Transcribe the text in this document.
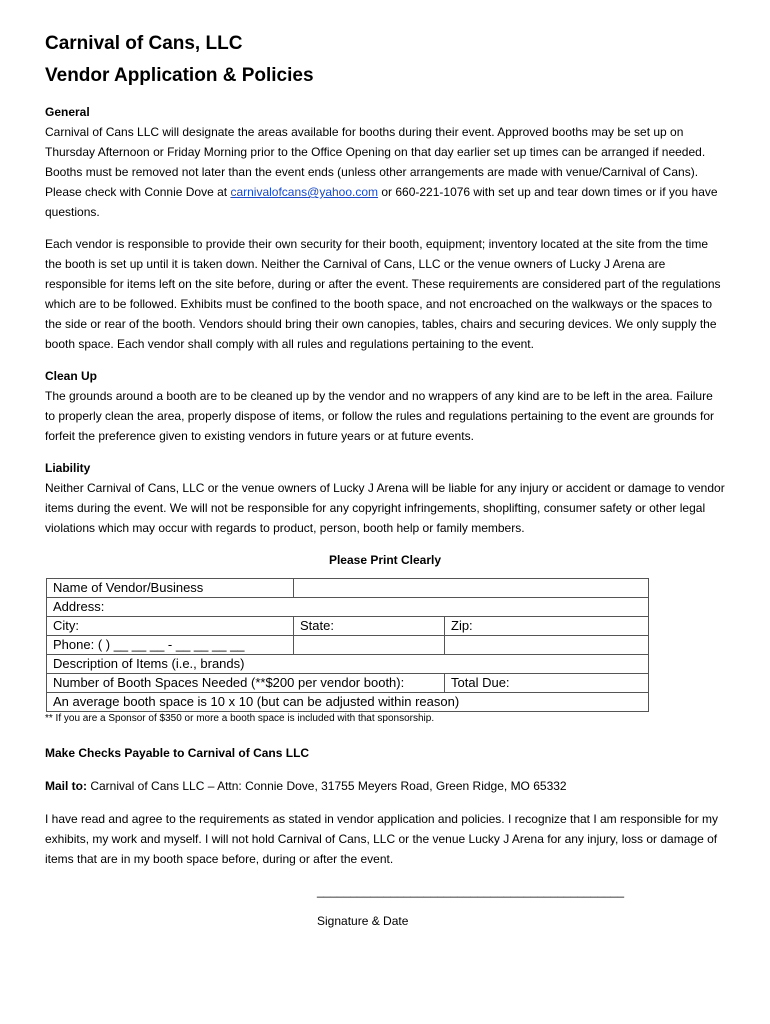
Carnival of Cans, LLC

Vendor Application & Policies

General

Carnival of Cans LLC will designate the areas available for booths during their event. Approved booths may be set up on Thursday Afternoon or Friday Morning prior to the Office Opening on that day earlier set up times can be arranged if needed. Booths must be removed not later than the event ends (unless other arrangements are made with venue/Carnival of Cans). Please check with Connie Dove at carnivalofcans@yahoo.com or 660-221-1076 with set up and tear down times or if you have questions.

Each vendor is responsible to provide their own security for their booth, equipment; inventory located at the site from the time the booth is set up until it is taken down. Neither the Carnival of Cans, LLC or the venue owners of Lucky J Arena are responsible for items left on the site before, during or after the event. These requirements are considered part of the regulations which are to be followed. Exhibits must be confined to the booth space, and not encroached on the walkways or the spaces to the side or rear of the booth. Vendors should bring their own canopies, tables, chairs and securing devices. We only supply the booth space. Each vendor shall comply with all rules and regulations pertaining to the event.

Clean Up

The grounds around a booth are to be cleaned up by the vendor and no wrappers of any kind are to be left in the area. Failure to properly clean the area, properly dispose of items, or follow the rules and regulations pertaining to the event are grounds for forfeit the preference given to existing vendors in future years or at future events.

Liability

Neither Carnival of Cans, LLC or the venue owners of Lucky J Arena will be liable for any injury or accident or damage to vendor items during the event. We will not be responsible for any copyright infringements, shoplifting, consumer safety or other legal violations which may occur with regards to product, person, booth help or family members.

Please Print Clearly

Name of Vendor/Business		
Address:		
City:	State:	Zip:
Phone: ( ) __ __ __ - __ __ __ __		
Description of Items (i.e., brands)		
Number of Booth Spaces Needed (**$200 per vendor booth):		Total Due:
An average booth space is 10 x 10 (but can be adjusted within reason)		

** If you are a Sponsor of $350 or more a booth space is included with that sponsorship.

Make Checks Payable to Carnival of Cans LLC

Mail to: Carnival of Cans LLC – Attn: Connie Dove, 31755 Meyers Road, Green Ridge, MO 65332

I have read and agree to the requirements as stated in vendor application and policies. I recognize that I am responsible for my exhibits, my work and myself. I will not hold Carnival of Cans, LLC or the venue Lucky J Arena for any injury, loss or damage of items that are in my booth space before, during or after the event.

______________________________________________

Signature & Date
